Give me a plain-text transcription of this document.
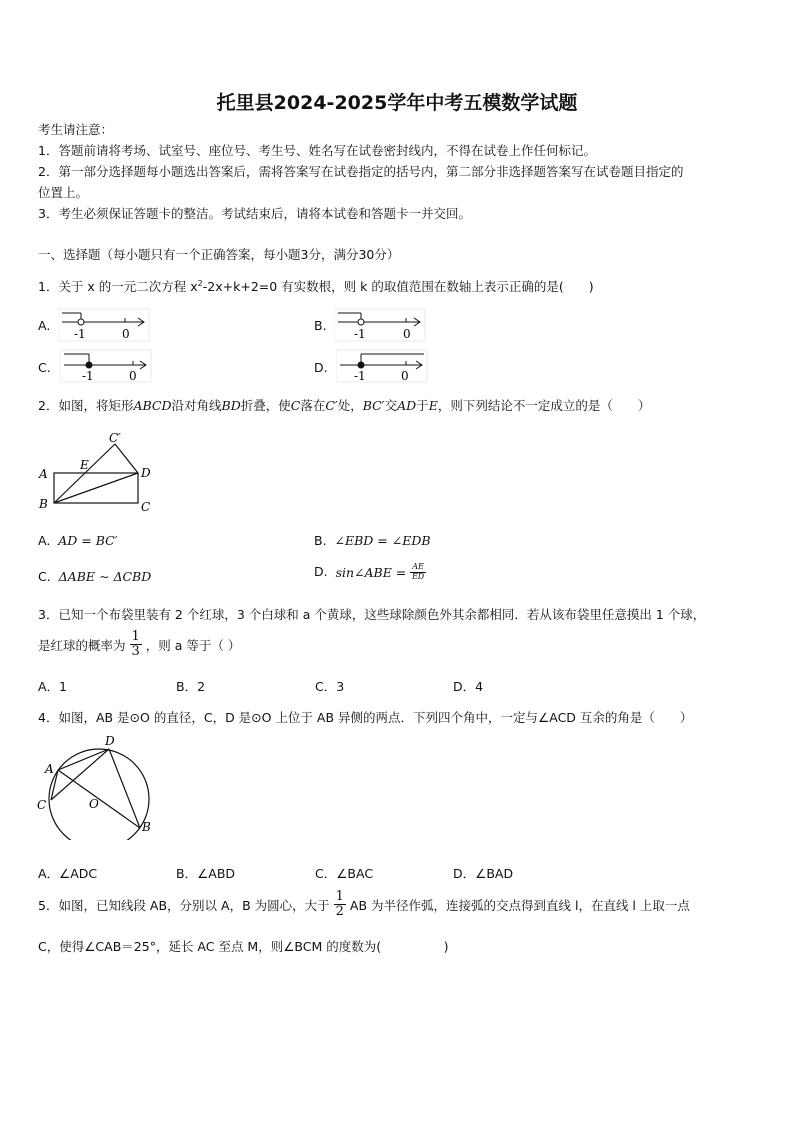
托里县2024-2025学年中考五模数学试题
考生请注意：
1．答题前请将考场、试室号、座位号、考生号、姓名写在试卷密封线内，不得在试卷上作任何标记。
2．第一部分选择题每小题选出答案后，需将答案写在试卷指定的括号内，第二部分非选择题答案写在试卷题目指定的
位置上。
3．考生必须保证答题卡的整洁。考试结束后，请将本试卷和答题卡一并交回。
一、选择题（每小题只有一个正确答案，每小题3分，满分30分）
1．关于 x 的一元二次方程 $x^2-2x+k+2=0$ 有实数根，则 k 的取值范围在数轴上表示正确的是(　　)
A.
-1	0
B.
-1	0
C.
-1	0
D.
-1	0
2．如图，将矩形ABCD沿对角线BD折叠，使C落在C′处，BC′交AD于E，则下列结论不一定成立的是（　　）
C′
A
E
D
B	C
A. AD = BC′	B. ∠EBD = ∠EDB
C. ΔABE ∼ ΔCBD	D. sin∠ABE = $\frac{AE}{ED}$
3．已知一个布袋里装有 2 个红球，3 个白球和 a 个黄球，这些球除颜色外其余都相同．若从该布袋里任意摸出 1 个球，
是红球的概率为 $\frac{1}{3}$ ，则 a 等于（ ）
A．1	B．2	C．3	D．4
4．如图，AB 是⊙O 的直径，C，D 是⊙O 上位于 AB 异侧的两点．下列四个角中，一定与∠ACD 互余的角是（　　）
D
A
C	O
B
A．∠ADC	B．∠ABD	C．∠BAC	D．∠BAD
5．如图，已知线段 AB，分别以 A，B 为圆心，大于 $\frac{1}{2}$ AB 为半径作弧，连接弧的交点得到直线 l，在直线 l 上取一点
C，使得∠CAB＝25°，延长 AC 至点 M，则∠BCM 的度数为(　　　　　)
